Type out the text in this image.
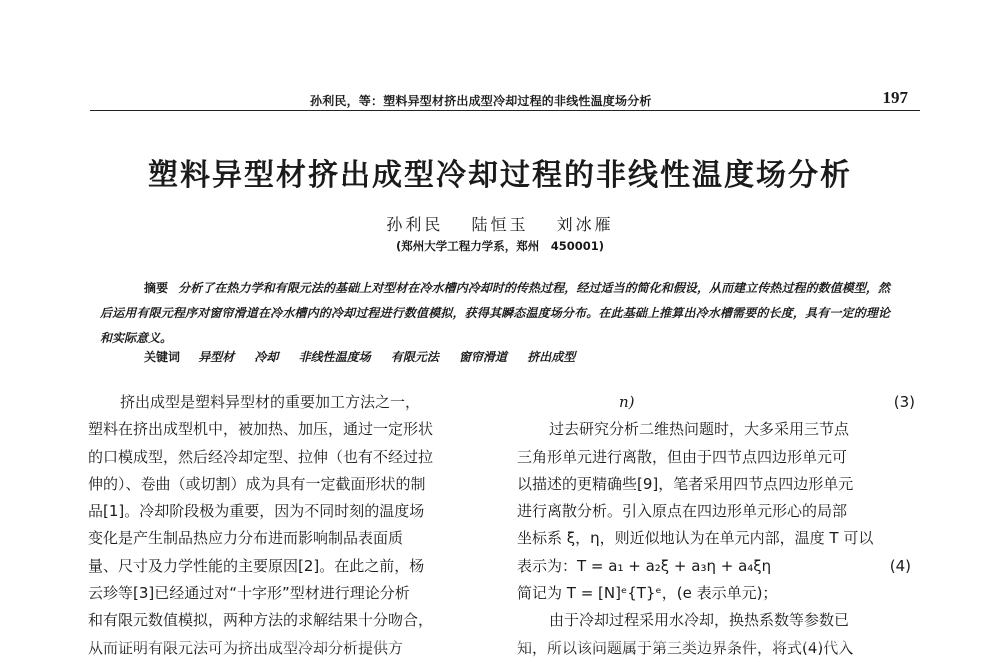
孙利民，等：塑料异型材挤出成型冷却过程的非线性温度场分析	197
塑料异型材挤出成型冷却过程的非线性温度场分析
孙利民 陆恒玉 刘冰雁
(郑州大学工程力学系，郑州　450001)
摘要 分析了在热力学和有限元法的基础上对型材在冷水槽内冷却时的传热过程，经过适当的简化和假设，从而建立传热过程的数值模型，然后运用有限元程序对窗帘滑道在冷水槽内的冷却过程进行数值模拟，获得其瞬态温度场分布。在此基础上推算出冷水槽需要的长度，具有一定的理论和实际意义。
关键词 异型材 冷却 非线性温度场 有限元法 窗帘滑道 挤出成型
挤出成型是塑料异型材的重要加工方法之一，
塑料在挤出成型机中，被加热、加压，通过一定形状
的口模成型，然后经冷却定型、拉伸（也有不经过拉
伸的）、卷曲（或切割）成为具有一定截面形状的制
品[1]。冷却阶段极为重要，因为不同时刻的温度场
变化是产生制品热应力分布进而影响制品表面质
量、尺寸及力学性能的主要原因[2]。在此之前，杨
云珍等[3]已经通过对“十字形”型材进行理论分析
和有限元数值模拟，两种方法的求解结果十分吻合，
从而证明有限元法可为挤出成型冷却分析提供方
n)	(3)
过去研究分析二维热问题时，大多采用三节点
三角形单元进行离散，但由于四节点四边形单元可
以描述的更精确些[9]，笔者采用四节点四边形单元
进行离散分析。引入原点在四边形单元形心的局部
坐标系 ξ，η，则近似地认为在单元内部，温度 T 可以
表示为：T = a₁ + a₂ξ + a₃η + a₄ξη	(4)
简记为 T = [N]ᵉ{T}ᵉ，(e 表示单元)；
由于冷却过程采用水冷却，换热系数等参数已
知，所以该问题属于第三类边界条件，将式(4)代入
